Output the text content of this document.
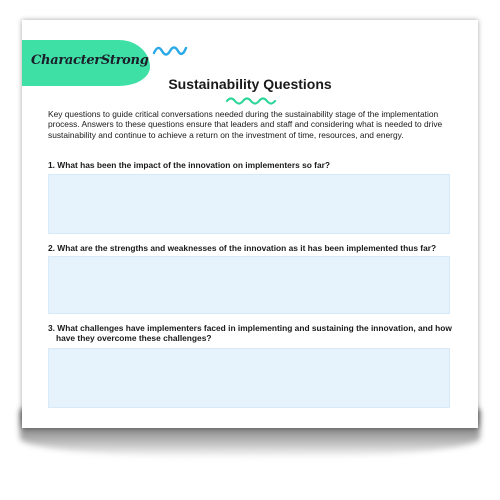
CharacterStrong
Sustainability Questions
Key questions to guide critical conversations needed during the sustainability stage of the implementation process. Answers to these questions ensure that leaders and staff and considering what is needed to drive sustainability and continue to achieve a return on the investment of time, resources, and energy.
1. What has been the impact of the innovation on implementers so far?
2. What are the strengths and weaknesses of the innovation as it has been implemented thus far?
3. What challenges have implementers faced in implementing and sustaining the innovation, and how have they overcome these challenges?
